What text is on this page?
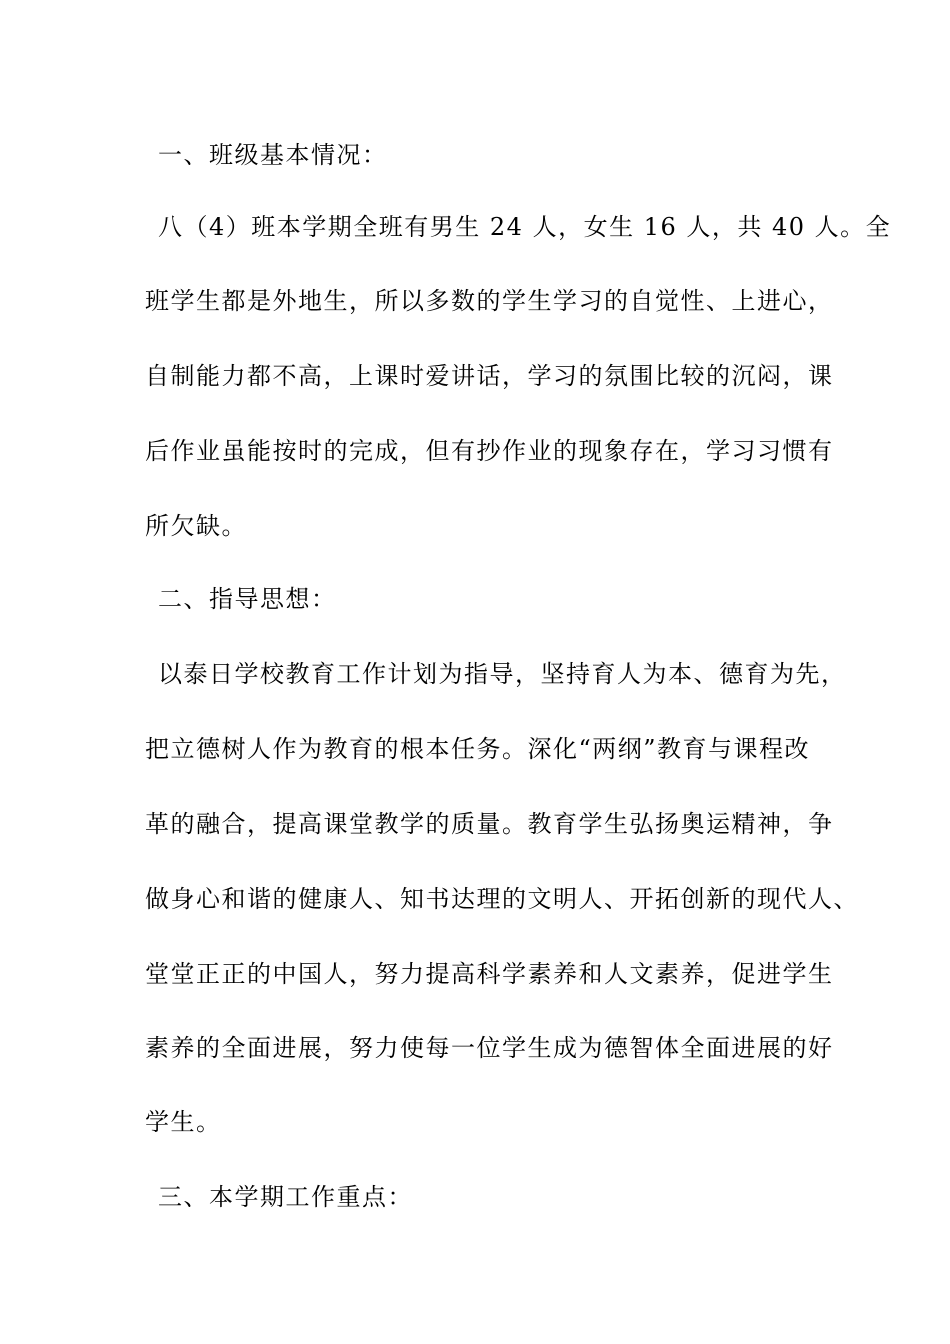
一、班级基本情况：
八（4）班本学期全班有男生 24 人，女生 16 人，共 40 人。全
班学生都是外地生，所以多数的学生学习的自觉性、上进心，
自制能力都不高，上课时爱讲话，学习的氛围比较的沉闷，课
后作业虽能按时的完成，但有抄作业的现象存在，学习习惯有
所欠缺。
二、指导思想：
以泰日学校教育工作计划为指导，坚持育人为本、德育为先，
把立德树人作为教育的根本任务。深化“两纲”教育与课程改
革的融合，提高课堂教学的质量。教育学生弘扬奥运精神，争
做身心和谐的健康人、知书达理的文明人、开拓创新的现代人、
堂堂正正的中国人，努力提高科学素养和人文素养，促进学生
素养的全面进展，努力使每一位学生成为德智体全面进展的好
学生。
三、本学期工作重点：
